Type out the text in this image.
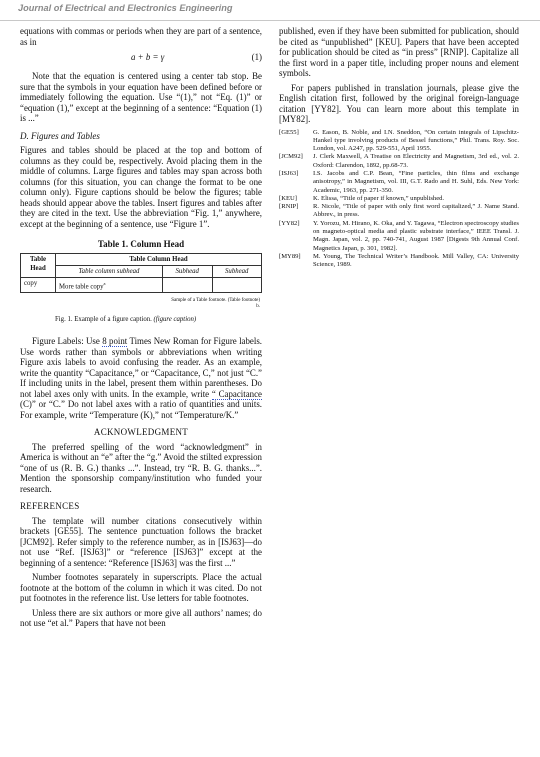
Journal of Electrical and Electronics Engineering

equations with commas or periods when they are part of a sentence, as in

a + b = γ	(1)

Note that the equation is centered using a center tab stop. Be sure that the symbols in your equation have been defined before or immediately following the equation. Use “(1),” not “Eq. (1)” or “equation (1),” except at the beginning of a sentence: “Equation (1) is ...”

D. Figures and Tables

Figures and tables should be placed at the top and bottom of columns as they could be, respectively. Avoid placing them in the middle of columns. Large figures and tables may span across both columns (for this situation, you can change the format to be one column only). Figure captions should be below the figures; table heads should appear above the tables. Insert figures and tables after they are cited in the text. Use the abbreviation “Fig. 1,” anywhere, except at the beginning of a sentence, use “Figure 1”.

Table 1. Column Head

Table Head	Table Column Head		
	Table column subhead	Subhead	Subhead
copy	More table copy$^a$		
Sample of a Table footnote. (Table footnote)
b.
Fig. 1. Example of a figure caption. (figure caption)

Figure Labels: Use 8 point Times New Roman for Figure labels. Use words rather than symbols or abbreviations when writing Figure axis labels to avoid confusing the reader. As an example, write the quantity “Capacitance,” or “Capacitance, C,” not just “C.” If including units in the label, present them within parentheses. Do not label axes only with units. In the example, write “ Capacitance (C)” or “C.” Do not label axes with a ratio of quantities and units. For example, write “Temperature (K),” not “Temperature/K.”

ACKNOWLEDGMENT

The preferred spelling of the word “acknowledgment” in America is without an “e” after the “g.” Avoid the stilted expression “one of us (R. B. G.) thanks ...”. Instead, try “R. B. G. thanks...”. Mention the sponsorship company/institution who funded your research.

REFERENCES

The template will number citations consecutively within brackets [GE55]. The sentence punctuation follows the bracket [JCM92]. Refer simply to the reference number, as in [ISJ63]—do not use “Ref. [ISJ63]” or “reference [ISJ63]” except at the beginning of a sentence: “Reference [ISJ63] was the first ...”

Number footnotes separately in superscripts. Place the actual footnote at the bottom of the column in which it was cited. Do not put footnotes in the reference list. Use letters for table footnotes.

Unless there are six authors or more give all authors’ names; do not use “et al.” Papers that have not been

published, even if they have been submitted for publication, should be cited as “unpublished” [KEU]. Papers that have been accepted for publication should be cited as “in press” [RNIP]. Capitalize all the first word in a paper title, including proper nouns and element symbols.

For papers published in translation journals, please give the English citation first, followed by the original foreign-language citation [YY82]. You can learn more about this template in [MY82].

[GE55]	G. Eason, B. Noble, and I.N. Sneddon, “On certain integrals of Lipschitz-Hankel type involving products of Bessel functions,” Phil. Trans. Roy. Soc. London, vol. A247, pp. 529-551, April 1955.
[JCM92]	J. Clerk Maxwell, A Treatise on Electricity and Magnetism, 3rd ed., vol. 2. Oxford: Clarendon, 1892, pp.68-73.
[ISJ63]	I.S. Jacobs and C.P. Bean, “Fine particles, thin films and exchange anisotropy,” in Magnetism, vol. III, G.T. Rado and H. Suhl, Eds. New York: Academic, 1963, pp. 271-350.
[KEU]	K. Elissa, “Title of paper if known,” unpublished.
[RNIP]	R. Nicole, “Title of paper with only first word capitalized,” J. Name Stand. Abbrev., in press.
[YY82]	Y. Yorozu, M. Hirano, K. Oka, and Y. Tagawa, “Electron spectroscopy studies on magneto-optical media and plastic substrate interface,” IEEE Transl. J. Magn. Japan, vol. 2, pp. 740-741, August 1987 [Digests 9th Annual Conf. Magnetics Japan, p. 301, 1982].
[MY89]	M. Young, The Technical Writer’s Handbook. Mill Valley, CA: University Science, 1989.
